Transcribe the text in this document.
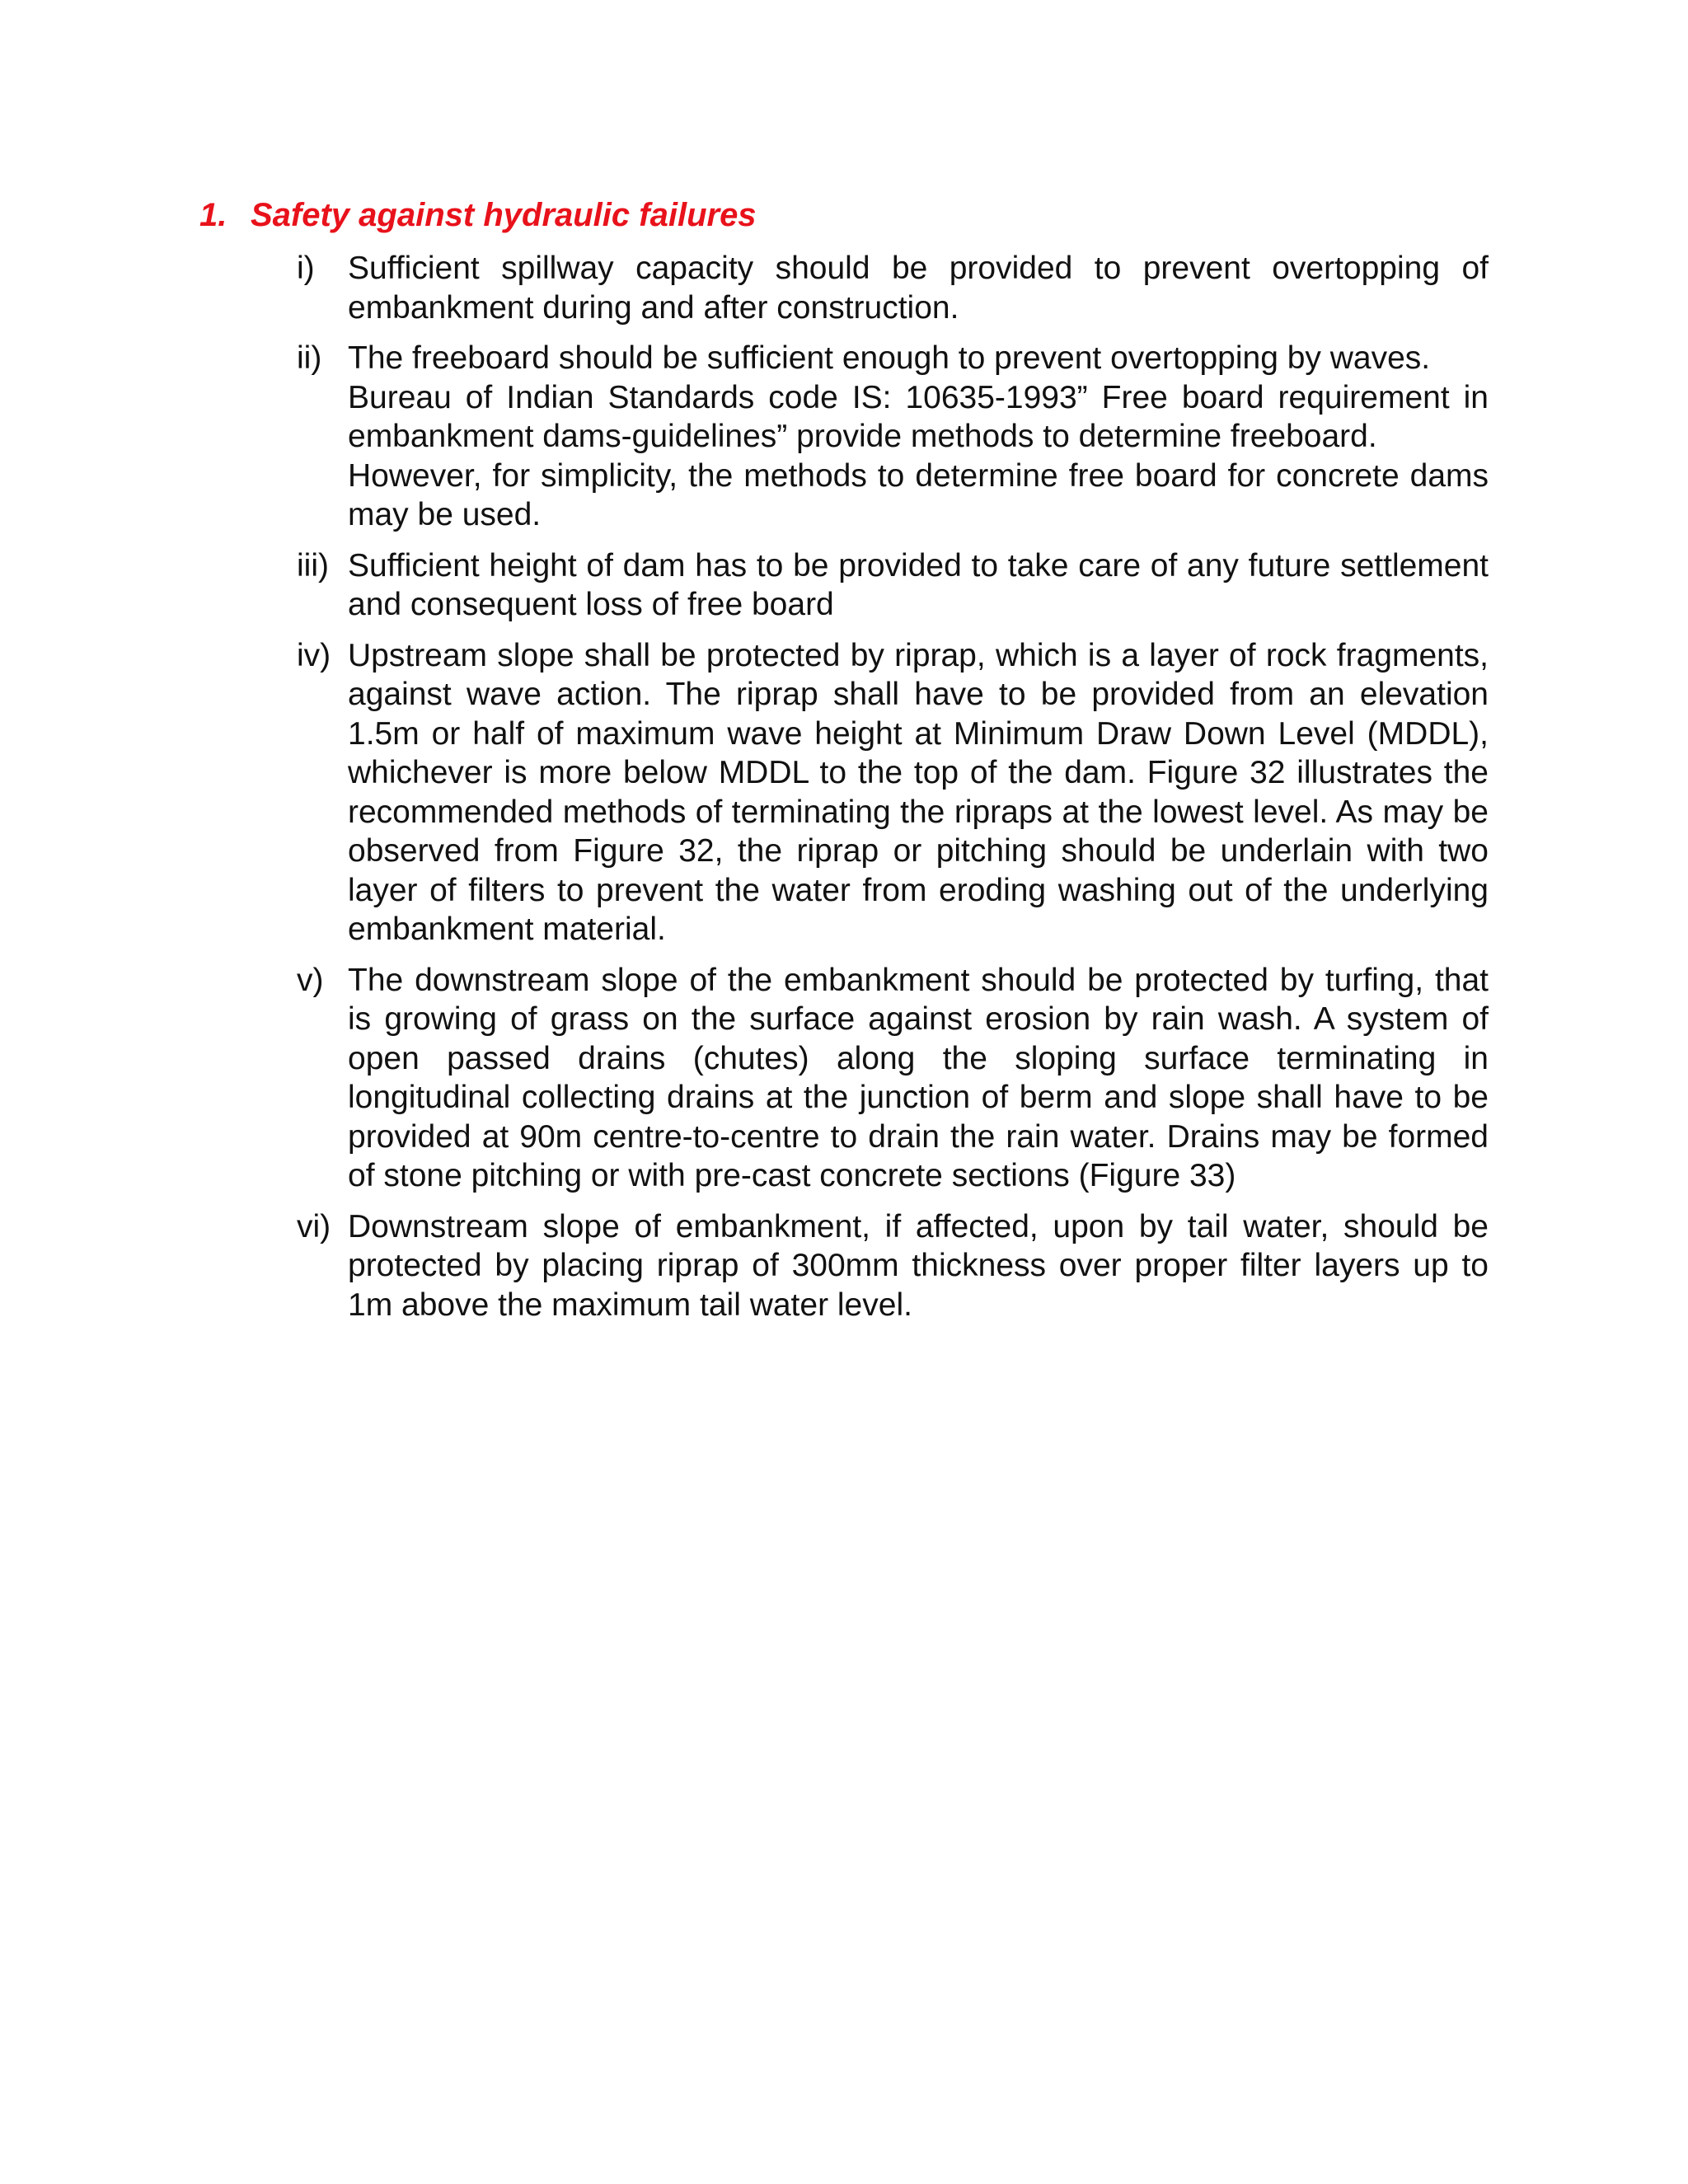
1. Safety against hydraulic failures
i)	Sufficient spillway capacity should be provided to prevent overtopping of embankment during and after construction.
ii) The freeboard should be sufficient enough to prevent overtopping by waves.
Bureau of Indian Standards code IS: 10635-1993” Free board requirement in embankment dams-guidelines” provide methods to determine freeboard.
However, for simplicity, the methods to determine free board for concrete dams may be used.
iii) Sufficient height of dam has to be provided to take care of any future settlement and consequent loss of free board
iv) Upstream slope shall be protected by riprap, which is a layer of rock fragments, against wave action. The riprap shall have to be provided from an elevation 1.5m or half of maximum wave height at Minimum Draw Down Level (MDDL), whichever is more below MDDL to the top of the dam. Figure 32 illustrates the recommended methods of terminating the ripraps at the lowest level. As may be observed from Figure 32, the riprap or pitching should be underlain with two layer of filters to prevent the water from eroding washing out of the underlying embankment material.
v) The downstream slope of the embankment should be protected by turfing, that is growing of grass on the surface against erosion by rain wash. A system of open passed drains (chutes) along the sloping surface terminating in longitudinal collecting drains at the junction of berm and slope shall have to be provided at 90m centre-to-centre to drain the rain water. Drains may be formed of stone pitching or with pre-cast concrete sections (Figure 33)
vi) Downstream slope of embankment, if affected, upon by tail water, should be protected by placing riprap of 300mm thickness over proper filter layers up to 1m above the maximum tail water level.
